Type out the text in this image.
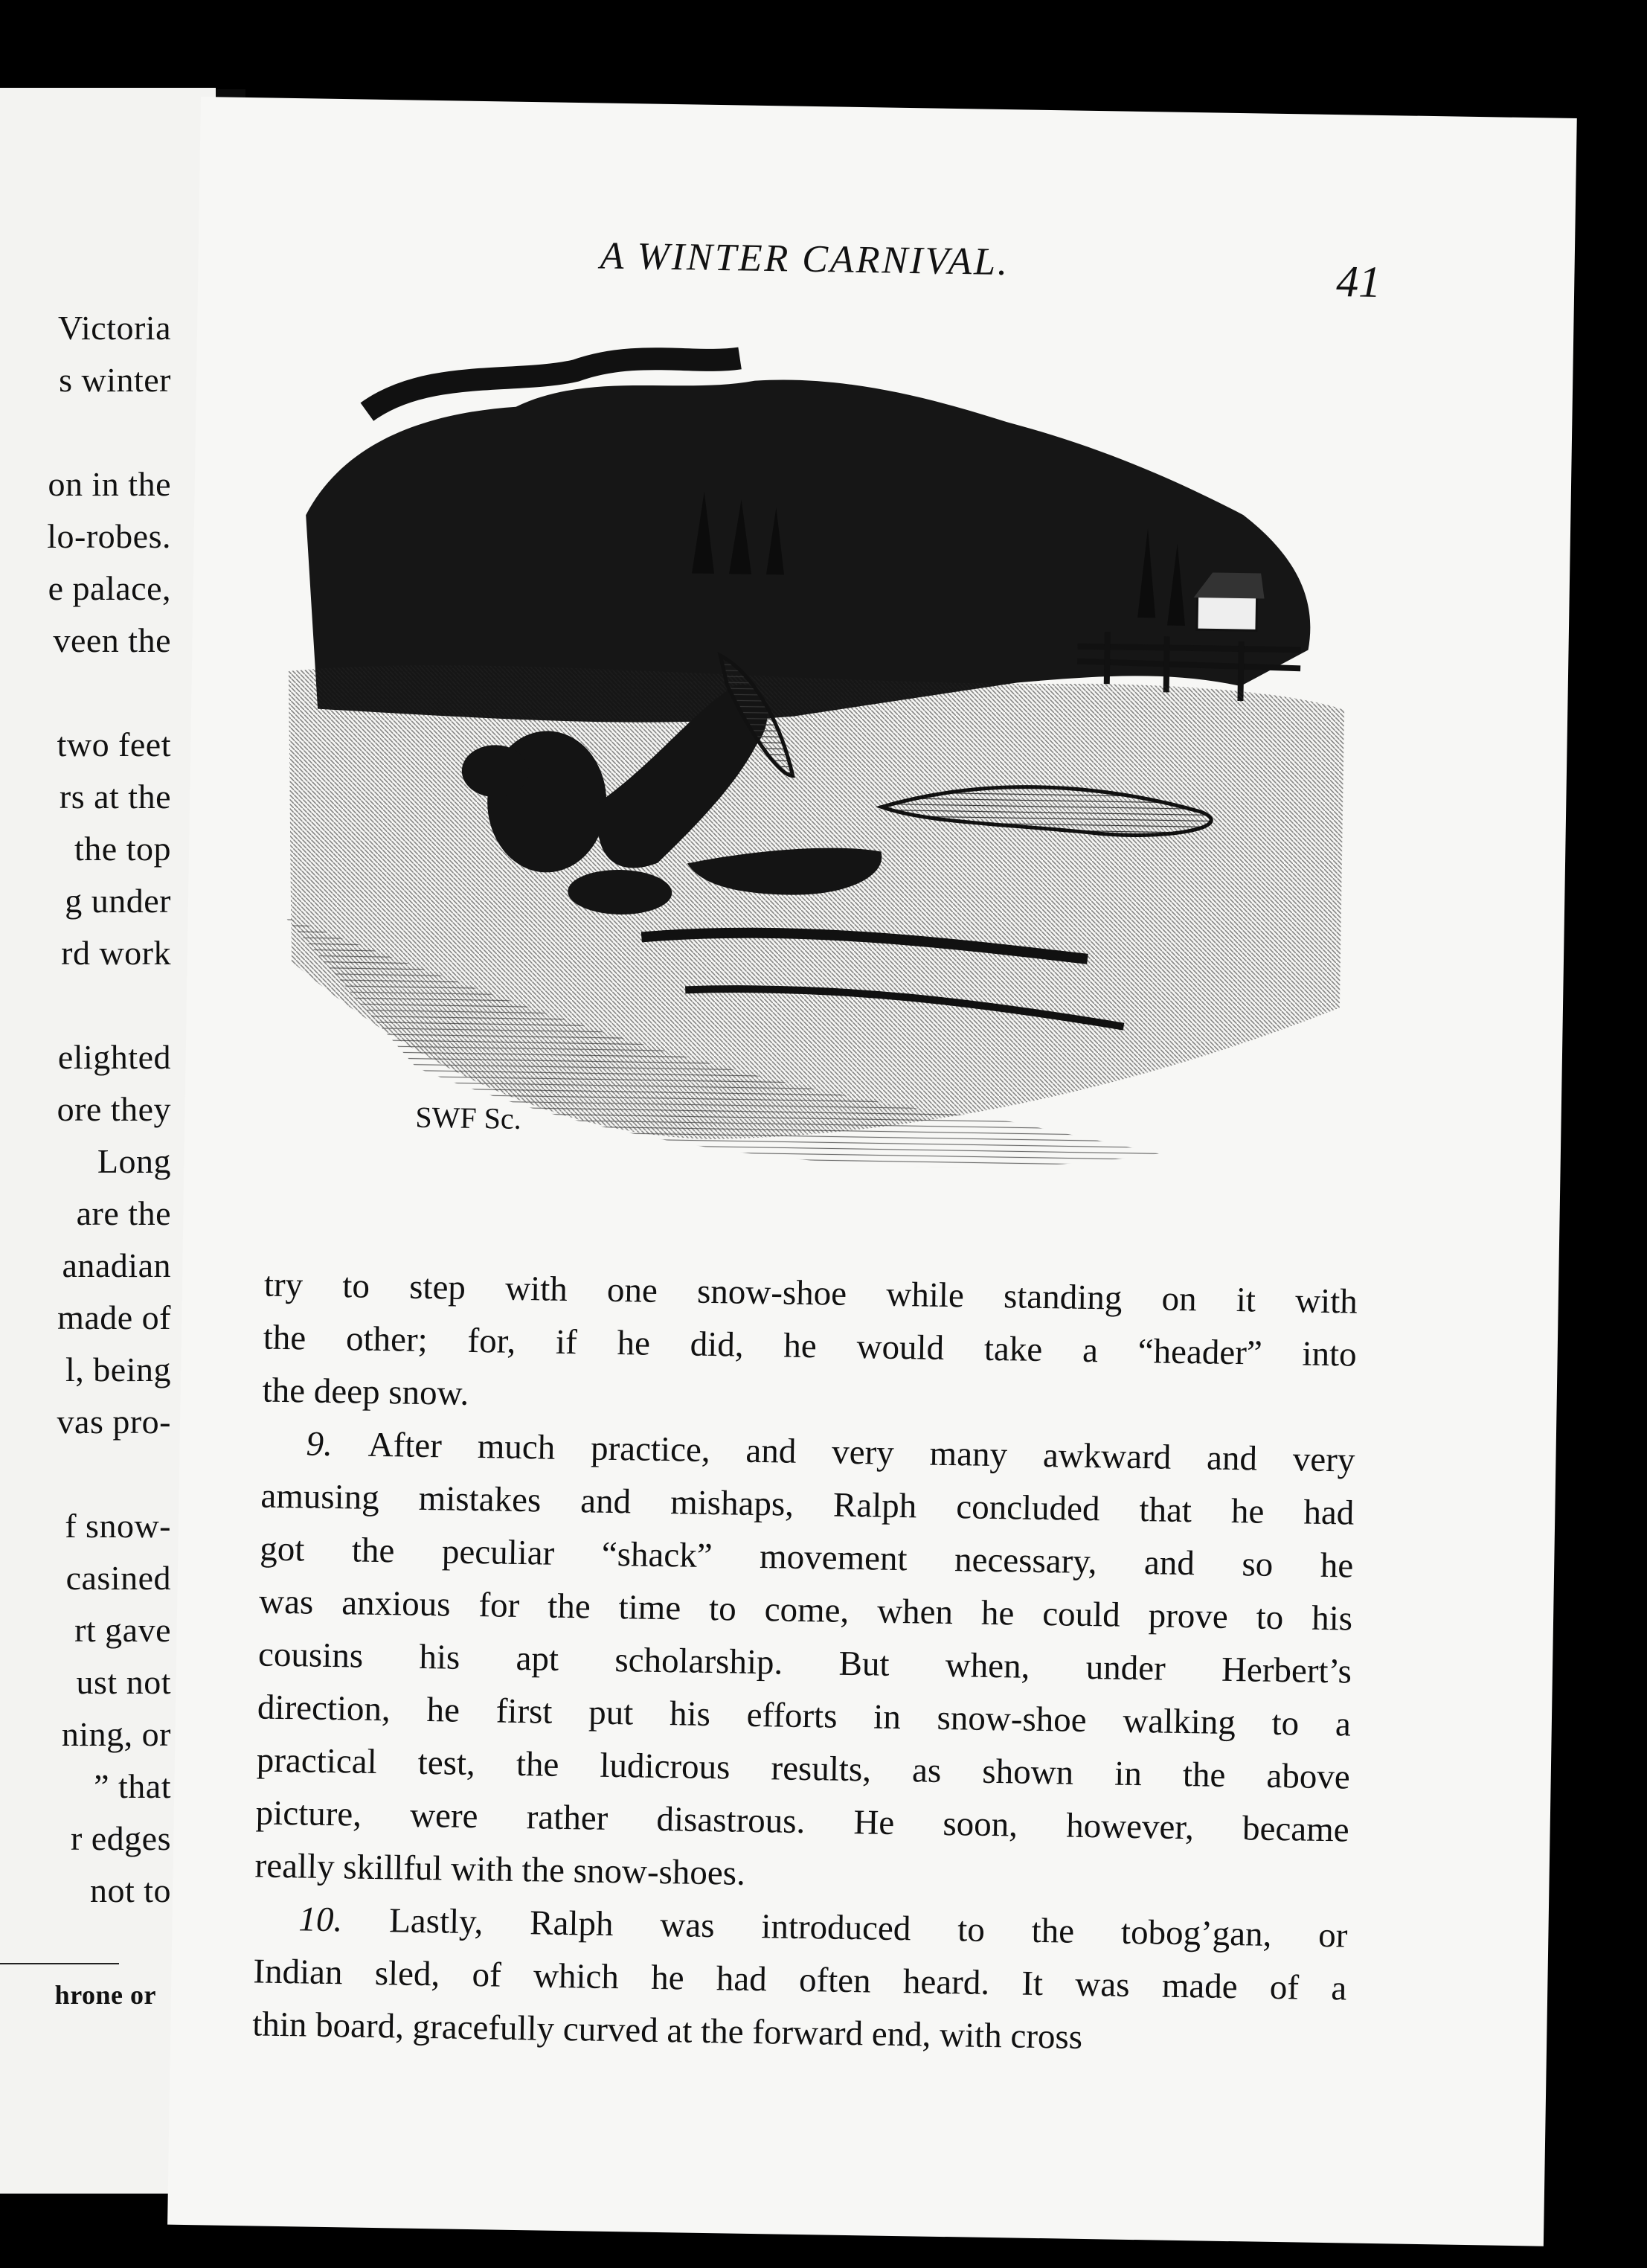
Victoria
s winter
on in the
lo-robes.
e palace,
veen the
two feet
rs at the
the top
g under
rd work
elighted
ore they
Long
are the
anadian
made of
l, being
vas pro-
f snow-
casined
rt gave
ust not
ning, or
” that
r edges
not to
hrone or
A WINTER CARNIVAL.	41
SWF Sc.

try to step with one snow-shoe while standing on it with

the other; for, if he did, he would take a “header” into

the deep snow.

9. After much practice, and very many awkward and very

amusing mistakes and mishaps, Ralph concluded that he had

got the peculiar “shack” movement necessary, and so he

was anxious for the time to come, when he could prove to his

cousins his apt scholarship. But when, under Herbert’s

direction, he first put his efforts in snow-shoe walking to a

practical test, the ludicrous results, as shown in the above

picture, were rather disastrous. He soon, however, became

really skillful with the snow-shoes.

10. Lastly, Ralph was introduced to the tobog’gan, or

Indian sled, of which he had often heard. It was made of a

thin board, gracefully curved at the forward end, with cross
